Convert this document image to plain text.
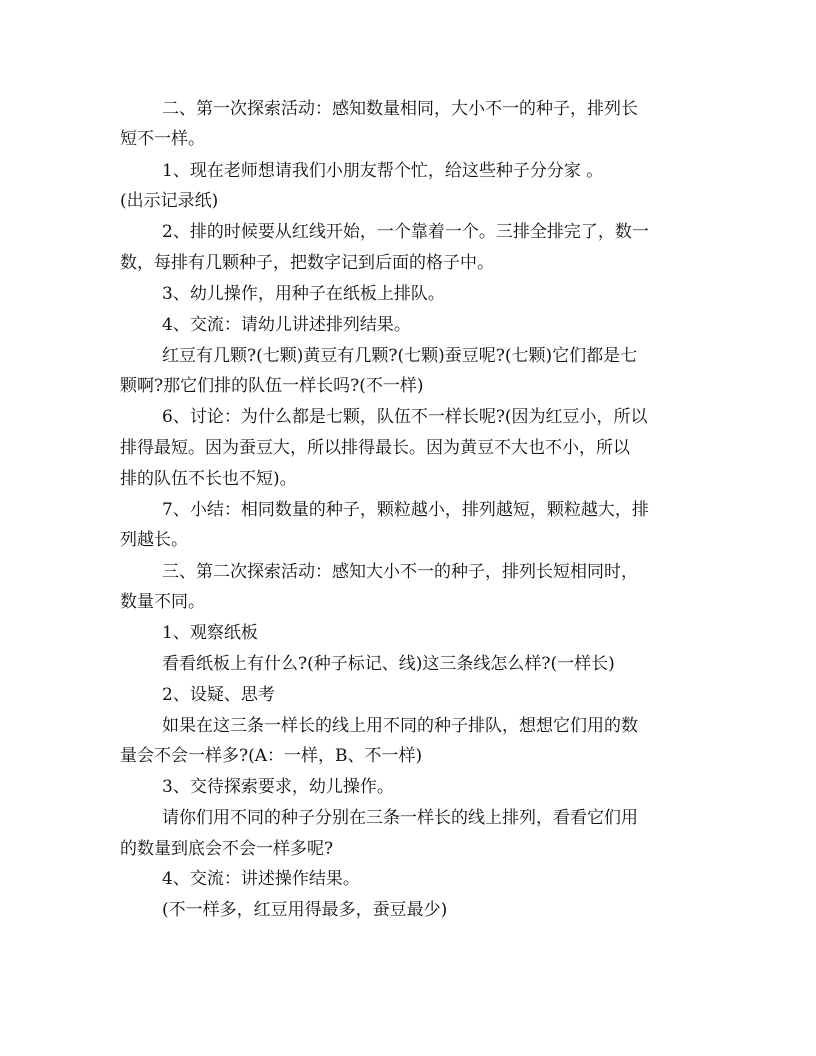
二、第一次探索活动：感知数量相同，大小不一的种子，排列长
短不一样。
1、现在老师想请我们小朋友帮个忙，给这些种子分分家 。
(出示记录纸)
2、排的时候要从红线开始，一个靠着一个。三排全排完了，数一
数，每排有几颗种子，把数字记到后面的格子中。
3、幼儿操作，用种子在纸板上排队。
4、交流：请幼儿讲述排列结果。
红豆有几颗?(七颗)黄豆有几颗?(七颗)蚕豆呢?(七颗)它们都是七
颗啊?那它们排的队伍一样长吗?(不一样)
6、讨论：为什么都是七颗，队伍不一样长呢?(因为红豆小，所以
排得最短。因为蚕豆大，所以排得最长。因为黄豆不大也不小，所以
排的队伍不长也不短)。
7、小结：相同数量的种子，颗粒越小，排列越短，颗粒越大，排
列越长。
三、第二次探索活动：感知大小不一的种子，排列长短相同时，
数量不同。
1、观察纸板
看看纸板上有什么?(种子标记、线)这三条线怎么样?(一样长)
2、设疑、思考
如果在这三条一样长的线上用不同的种子排队，想想它们用的数
量会不会一样多?(A：一样，B、不一样)
3、交待探索要求，幼儿操作。
请你们用不同的种子分别在三条一样长的线上排列，看看它们用
的数量到底会不会一样多呢?
4、交流：讲述操作结果。
(不一样多，红豆用得最多，蚕豆最少)
